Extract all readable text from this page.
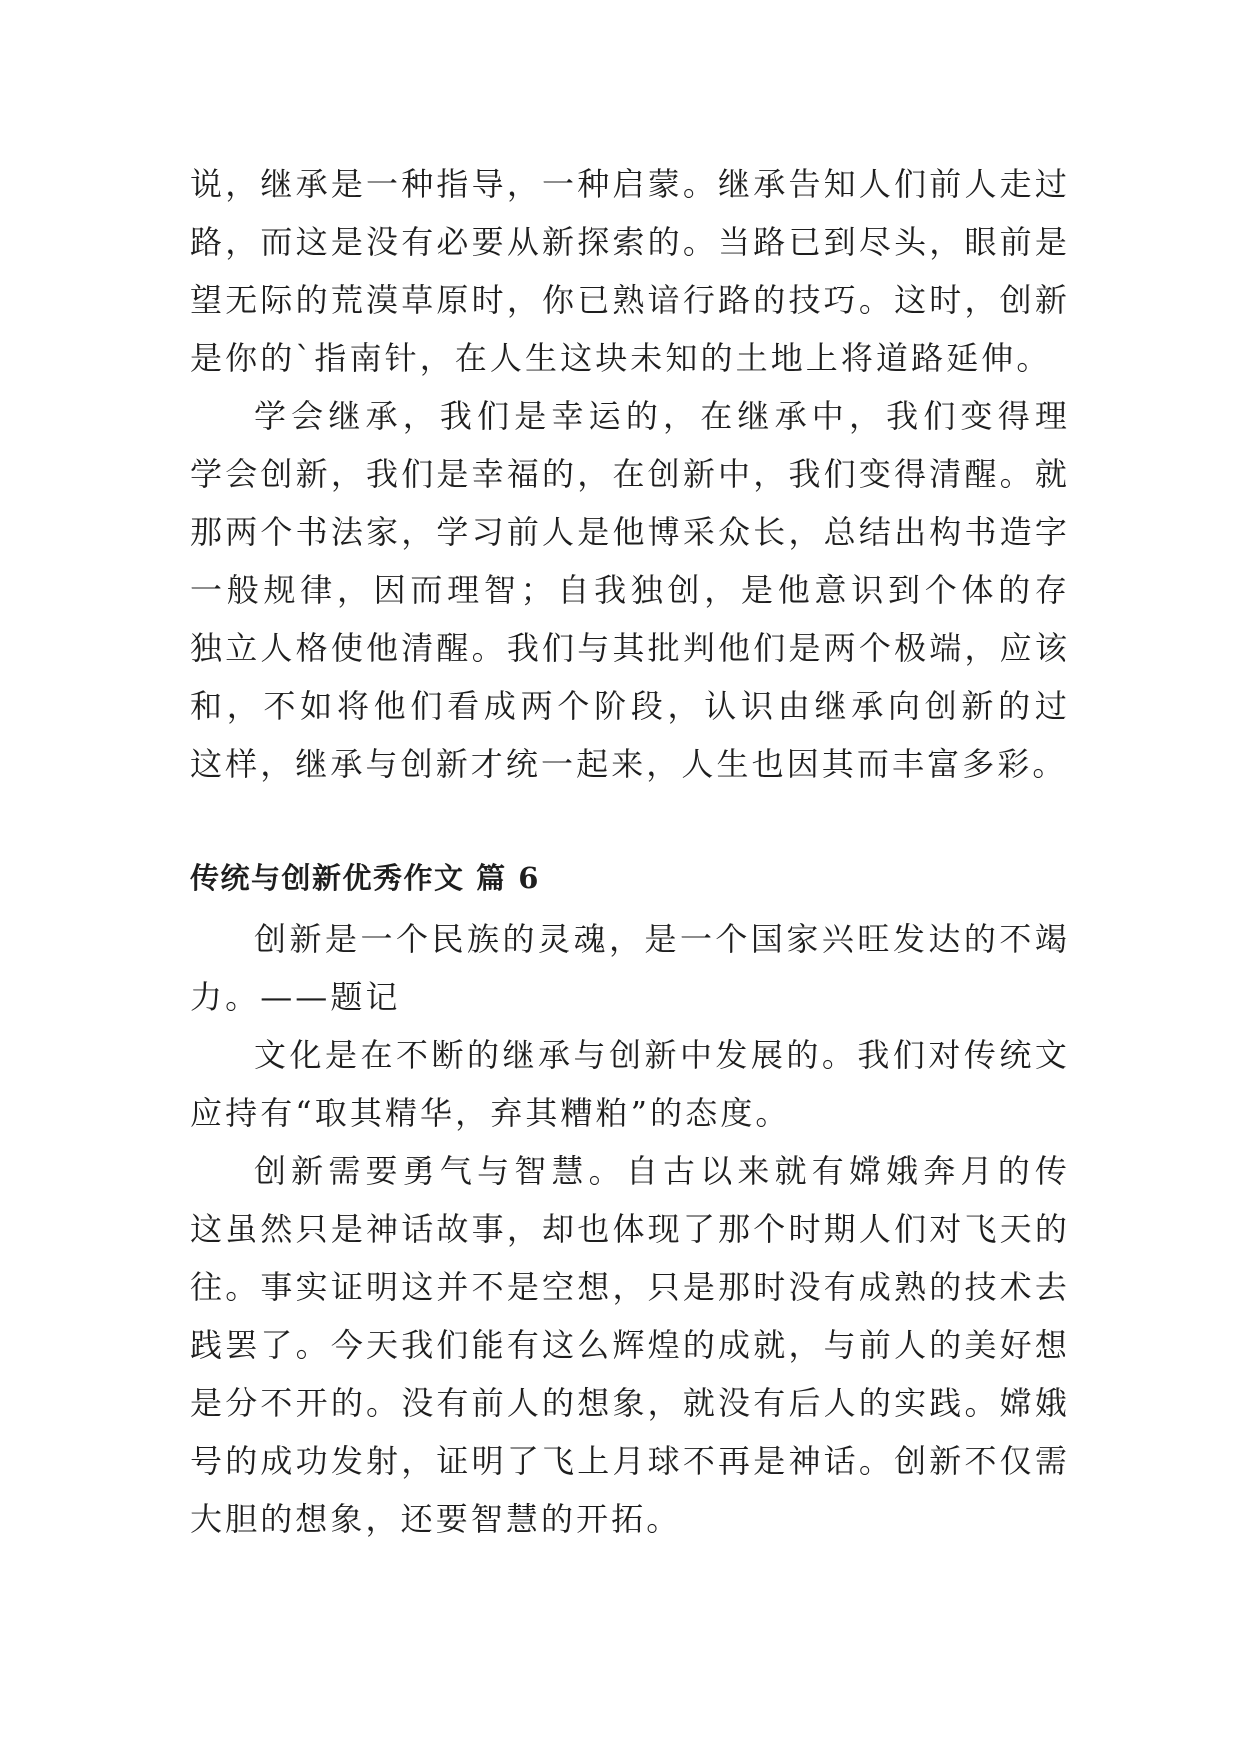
说，继承是一种指导，一种启蒙。继承告知人们前人走过

路，而这是没有必要从新探索的。当路已到尽头，眼前是

望无际的荒漠草原时，你已熟谙行路的技巧。这时，创新

是你的`指南针，在人生这块未知的土地上将道路延伸。

学会继承，我们是幸运的，在继承中，我们变得理

学会创新，我们是幸福的，在创新中，我们变得清醒。就

那两个书法家，学习前人是他博采众长，总结出构书造字

一般规律，因而理智；自我独创，是他意识到个体的存

独立人格使他清醒。我们与其批判他们是两个极端，应该

和，不如将他们看成两个阶段，认识由继承向创新的过

这样，继承与创新才统一起来，人生也因其而丰富多彩。

传统与创新优秀作文 篇 6

创新是一个民族的灵魂，是一个国家兴旺发达的不竭

力。——题记

文化是在不断的继承与创新中发展的。我们对传统文

应持有“取其精华，弃其糟粕”的态度。

创新需要勇气与智慧。自古以来就有嫦娥奔月的传

这虽然只是神话故事，却也体现了那个时期人们对飞天的

往。事实证明这并不是空想，只是那时没有成熟的技术去

践罢了。今天我们能有这么辉煌的成就，与前人的美好想

是分不开的。没有前人的想象，就没有后人的实践。嫦娥

号的成功发射，证明了飞上月球不再是神话。创新不仅需

大胆的想象，还要智慧的开拓。
